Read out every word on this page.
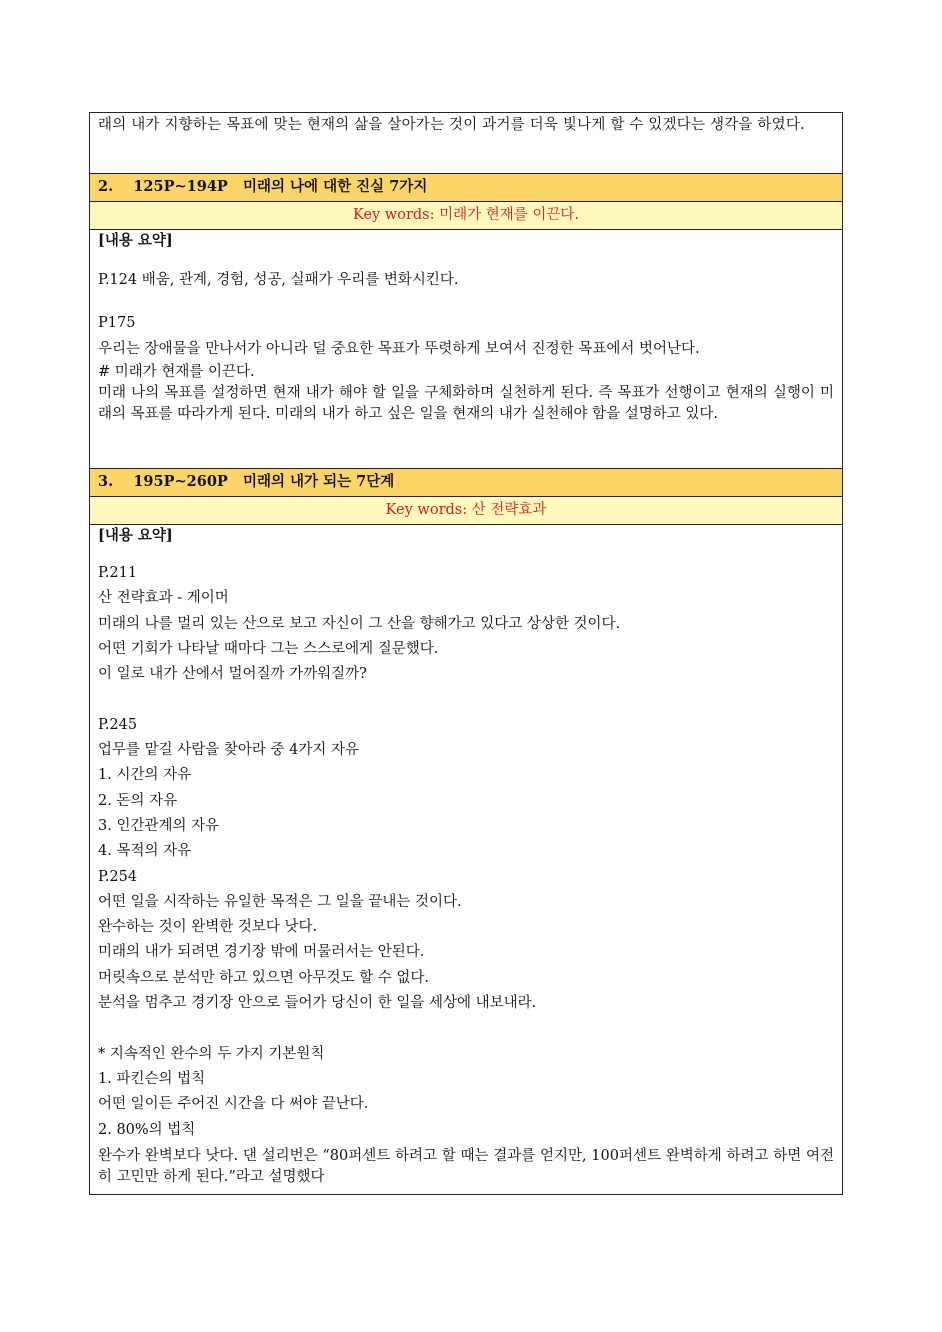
래의 내가 지향하는 목표에 맞는 현재의 삶을 살아가는 것이 과거를 더욱 빛나게 할 수 있겠다는 생각을 하였다.
2.    125P~194P   미래의 나에 대한 진실 7가지
Key words: 미래가 현재를 이끈다.
[내용 요약]
P.124 배움, 관계, 경험, 성공, 실패가 우리를 변화시킨다.
P175
우리는 장애물을 만나서가 아니라 덜 중요한 목표가 뚜렷하게 보여서 진정한 목표에서 벗어난다.
# 미래가 현재를 이끈다.
미래 나의 목표를 설정하면 현재 내가 해야 할 일을 구체화하며 실천하게 된다. 즉 목표가 선행이고 현재의 실행이 미래의 목표를 따라가게 된다. 미래의 내가 하고 싶은 일을 현재의 내가 실천해야 함을 설명하고 있다.
3.    195P~260P   미래의 내가 되는 7단계
Key words: 산 전략효과
[내용 요약]
P.211
산 전략효과 - 게이머
미래의 나를 멀리 있는 산으로 보고 자신이 그 산을 향해가고 있다고 상상한 것이다.
어떤 기회가 나타날 때마다 그는 스스로에게 질문했다.
이 일로 내가 산에서 멀어질까 가까워질까?
P.245
업무를 맡길 사람을 찾아라 중 4가지 자유
1. 시간의 자유
2. 돈의 자유
3. 인간관계의 자유
4. 목적의 자유
P.254
어떤 일을 시작하는 유일한 목적은 그 일을 끝내는 것이다.
완수하는 것이 완벽한 것보다 낫다.
미래의 내가 되려면 경기장 밖에 머물러서는 안된다.
머릿속으로 분석만 하고 있으면 아무것도 할 수 없다.
분석을 멈추고 경기장 안으로 들어가 당신이 한 일을 세상에 내보내라.
* 지속적인 완수의 두 가지 기본원칙
1. 파킨슨의 법칙
어떤 일이든 주어진 시간을 다 써야 끝난다.
2. 80%의 법칙
완수가 완벽보다 낫다. 댄 설리번은 “80퍼센트 하려고 할 때는 결과를 얻지만, 100퍼센트 완벽하게 하려고 하면 여전히 고민만 하게 된다.”라고 설명했다
